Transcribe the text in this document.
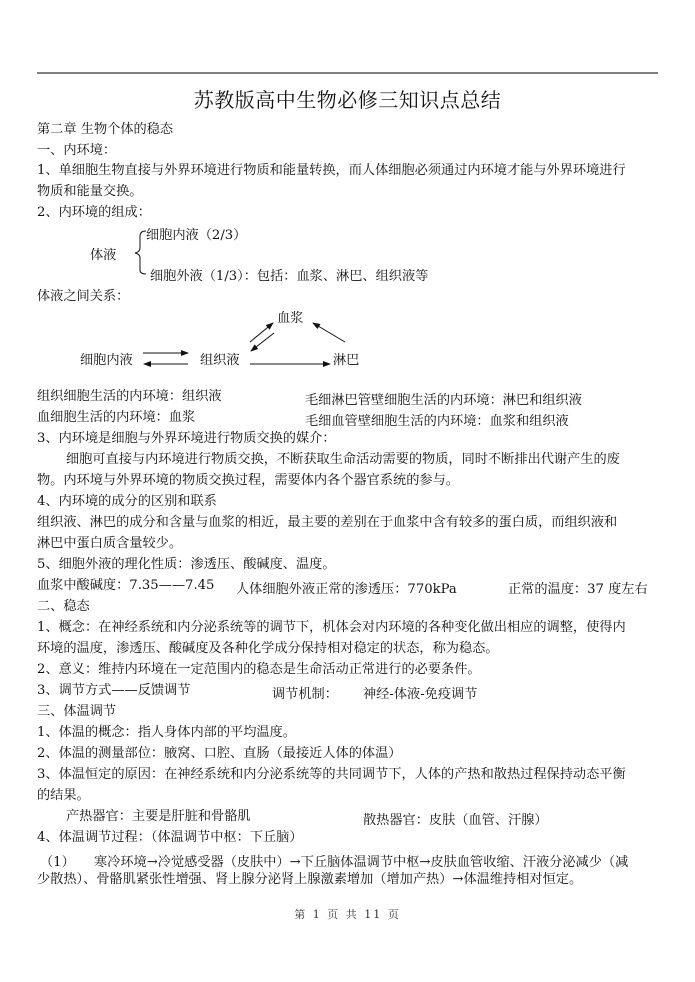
苏教版高中生物必修三知识点总结
第二章 生物个体的稳态
一、内环境：
1、单细胞生物直接与外界环境进行物质和能量转换，而人体细胞必须通过内环境才能与外界环境进行
物质和能量交换。
2、内环境的组成：
体液
细胞内液（2/3）
细胞外液（1/3）：包括：血浆、淋巴、组织液等
体液之间关系：
血浆
细胞内液	组织液	淋巴
组织细胞生活的内环境：组织液	毛细淋巴管壁细胞生活的内环境：淋巴和组织液
血细胞生活的内环境：血浆	毛细血管壁细胞生活的内环境：血浆和组织液
3、内环境是细胞与外界环境进行物质交换的媒介：
细胞可直接与内环境进行物质交换，不断获取生命活动需要的物质，同时不断排出代谢产生的废
物。内环境与外界环境的物质交换过程，需要体内各个器官系统的参与。
4、内环境的成分的区别和联系
组织液、淋巴的成分和含量与血浆的相近，最主要的差别在于血浆中含有较多的蛋白质，而组织液和
淋巴中蛋白质含量较少。
5、细胞外液的理化性质：渗透压、酸碱度、温度。
血浆中酸碱度：7.35——7.45 人体细胞外液正常的渗透压：770kPa	正常的温度：37 度左右
二、稳态
1、概念：在神经系统和内分泌系统等的调节下，机体会对内环境的各种变化做出相应的调整，使得内
环境的温度，渗透压、酸碱度及各种化学成分保持相对稳定的状态，称为稳态。
2、意义：维持内环境在一定范围内的稳态是生命活动正常进行的必要条件。
3、调节方式——反馈调节	调节机制： 神经-体液-免疫调节
三、体温调节
1、体温的概念：指人身体内部的平均温度。
2、体温的测量部位：腋窝、口腔、直肠（最接近人体的体温）
3、体温恒定的原因：在神经系统和内分泌系统等的共同调节下，人体的产热和散热过程保持动态平衡
的结果。
产热器官：主要是肝脏和骨骼肌	散热器官：皮肤（血管、汗腺）
4、体温调节过程：（体温调节中枢：下丘脑）
（1） 寒冷环境→冷觉感受器（皮肤中）→下丘脑体温调节中枢→皮肤血管收缩、汗液分泌减少（减
少散热）、骨骼肌紧张性增强、肾上腺分泌肾上腺激素增加（增加产热）→体温维持相对恒定。
第 1 页 共 11 页
